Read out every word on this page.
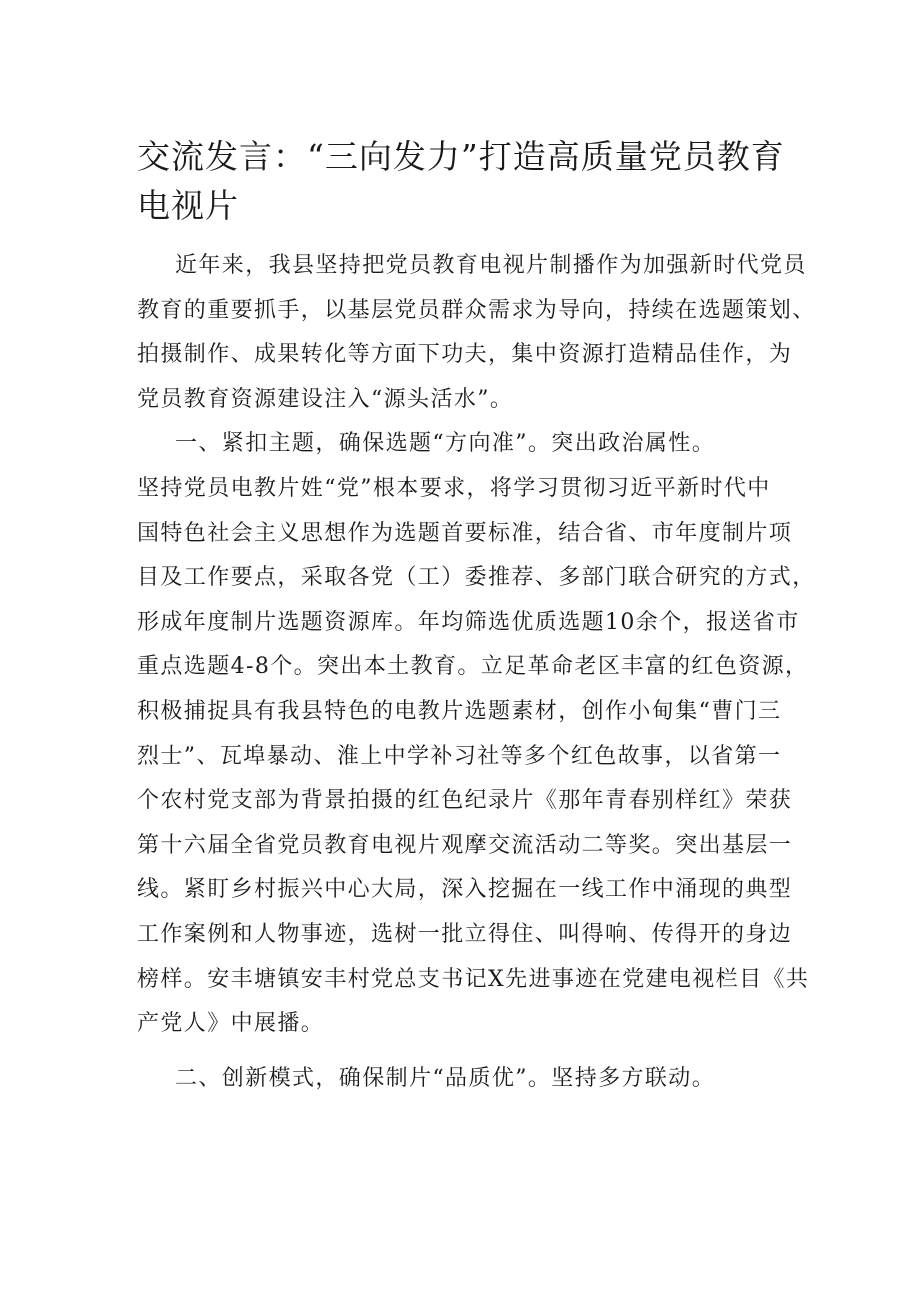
交流发言：“三向发力”打造高质量党员教育
电视片
近年来，我县坚持把党员教育电视片制播作为加强新时代党员
教育的重要抓手，以基层党员群众需求为导向，持续在选题策划、
拍摄制作、成果转化等方面下功夫，集中资源打造精品佳作，为
党员教育资源建设注入“源头活水”。
一、紧扣主题，确保选题“方向准”。突出政治属性。
坚持党员电教片姓“党”根本要求，将学习贯彻习近平新时代中
国特色社会主义思想作为选题首要标准，结合省、市年度制片项
目及工作要点，采取各党（工）委推荐、多部门联合研究的方式，
形成年度制片选题资源库。年均筛选优质选题10余个，报送省市
重点选题4-8个。突出本土教育。立足革命老区丰富的红色资源，
积极捕捉具有我县特色的电教片选题素材，创作小甸集“曹门三
烈士”、瓦埠暴动、淮上中学补习社等多个红色故事，以省第一
个农村党支部为背景拍摄的红色纪录片《那年青春别样红》荣获
第十六届全省党员教育电视片观摩交流活动二等奖。突出基层一
线。紧盯乡村振兴中心大局，深入挖掘在一线工作中涌现的典型
工作案例和人物事迹，选树一批立得住、叫得响、传得开的身边
榜样。安丰塘镇安丰村党总支书记X先进事迹在党建电视栏目《共
产党人》中展播。
二、创新模式，确保制片“品质优”。坚持多方联动。
